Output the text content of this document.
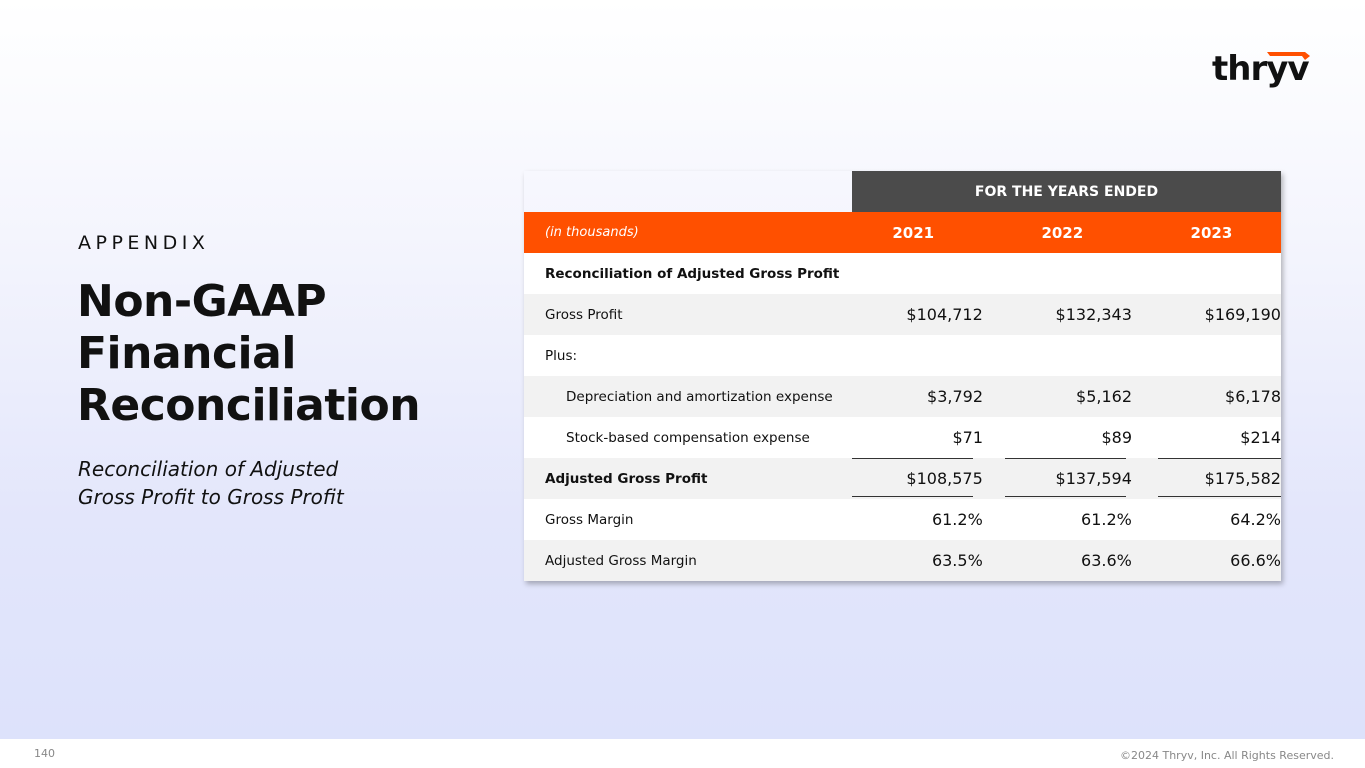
thryv
APPENDIX
Non-GAAP
Financial
Reconciliation
Reconciliation of Adjusted
Gross Profit to Gross Profit
FOR THE YEARS ENDED
(in thousands)	2021	2022	2023
Reconciliation of Adjusted Gross Profit
Gross Profit	$104,712	$132,343	$169,190
Plus:
Depreciation and amortization expense	$3,792	$5,162	$6,178
Stock-based compensation expense	$71	$89	$214
Adjusted Gross Profit	$108,575	$137,594	$175,582
Gross Margin	61.2%	61.2%	64.2%
Adjusted Gross Margin	63.5%	63.6%	66.6%
140	©2024 Thryv, Inc. All Rights Reserved.
